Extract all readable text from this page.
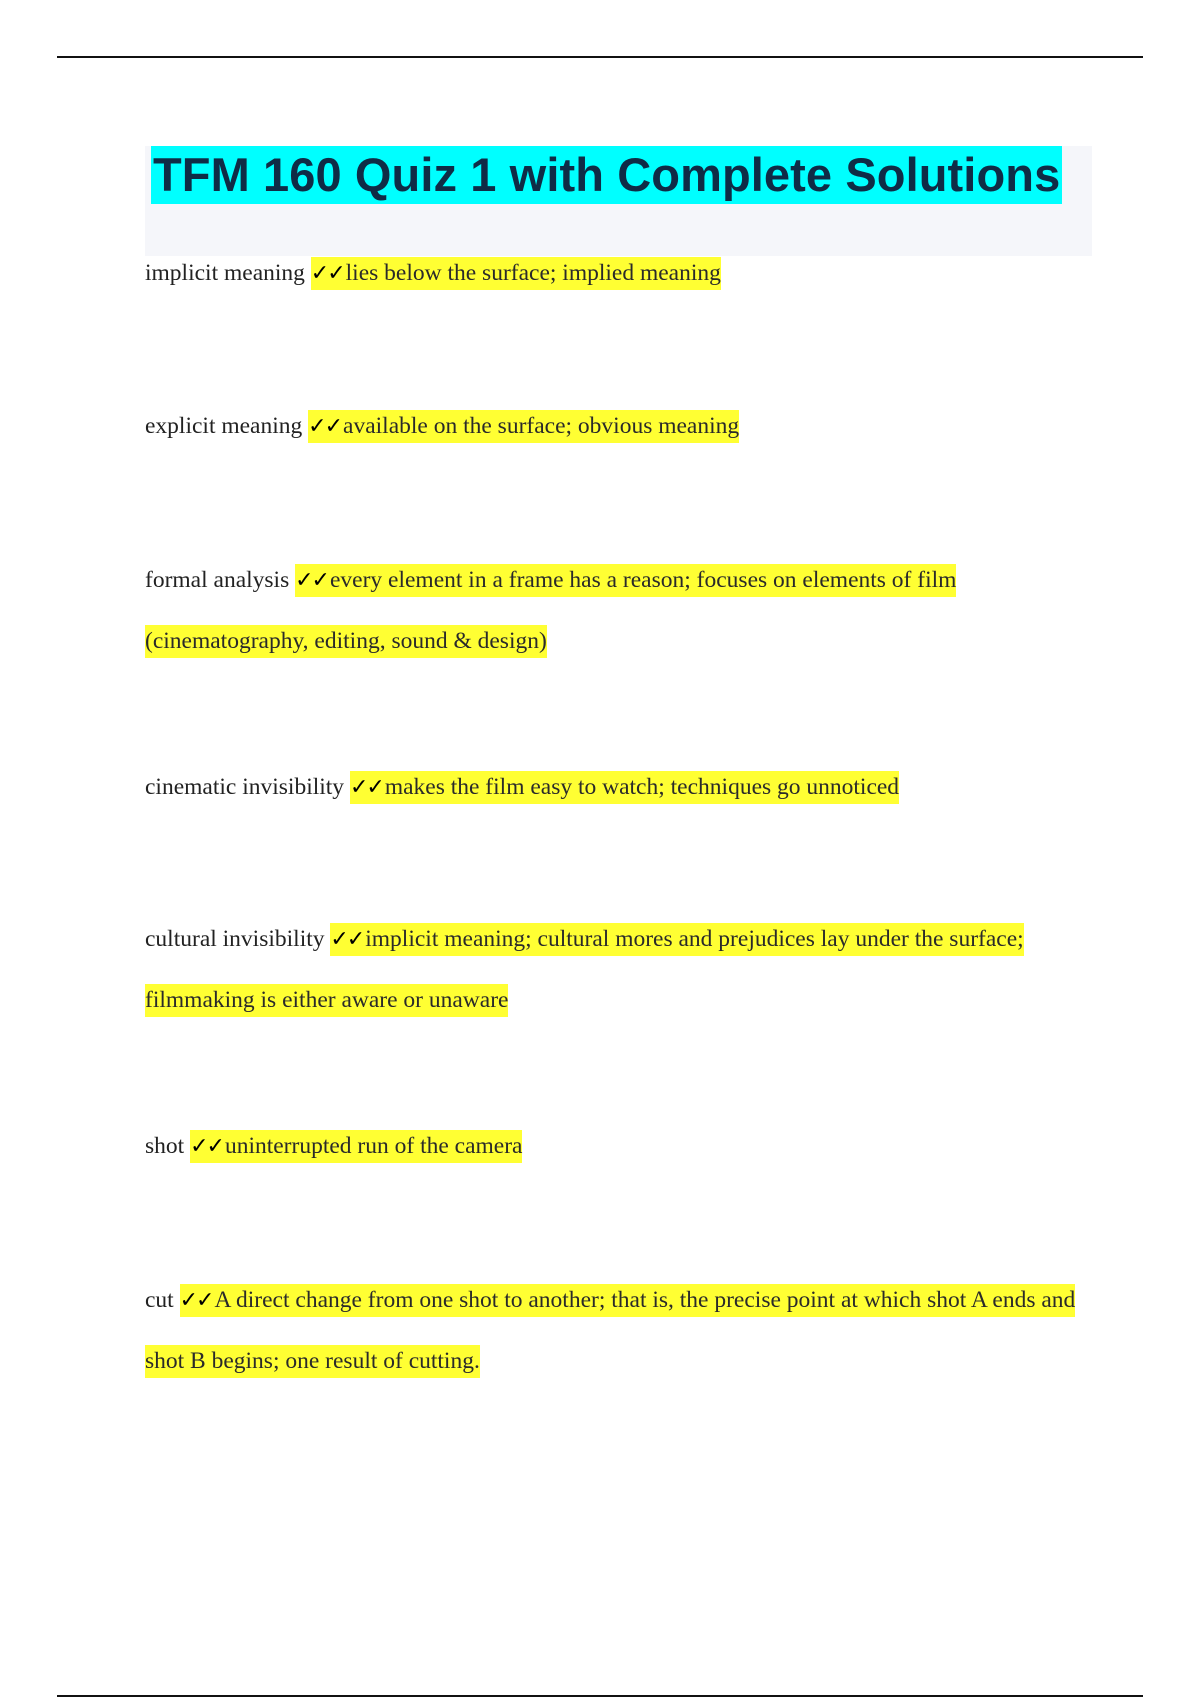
TFM 160 Quiz 1 with Complete Solutions
implicit meaning ✓✓lies below the surface; implied meaning
explicit meaning ✓✓available on the surface; obvious meaning
formal analysis ✓✓every element in a frame has a reason; focuses on elements of film (cinematography, editing, sound & design)
cinematic invisibility ✓✓makes the film easy to watch; techniques go unnoticed
cultural invisibility ✓✓implicit meaning; cultural mores and prejudices lay under the surface; filmmaking is either aware or unaware
shot ✓✓uninterrupted run of the camera
cut ✓✓A direct change from one shot to another; that is, the precise point at which shot A ends and shot B begins; one result of cutting.
